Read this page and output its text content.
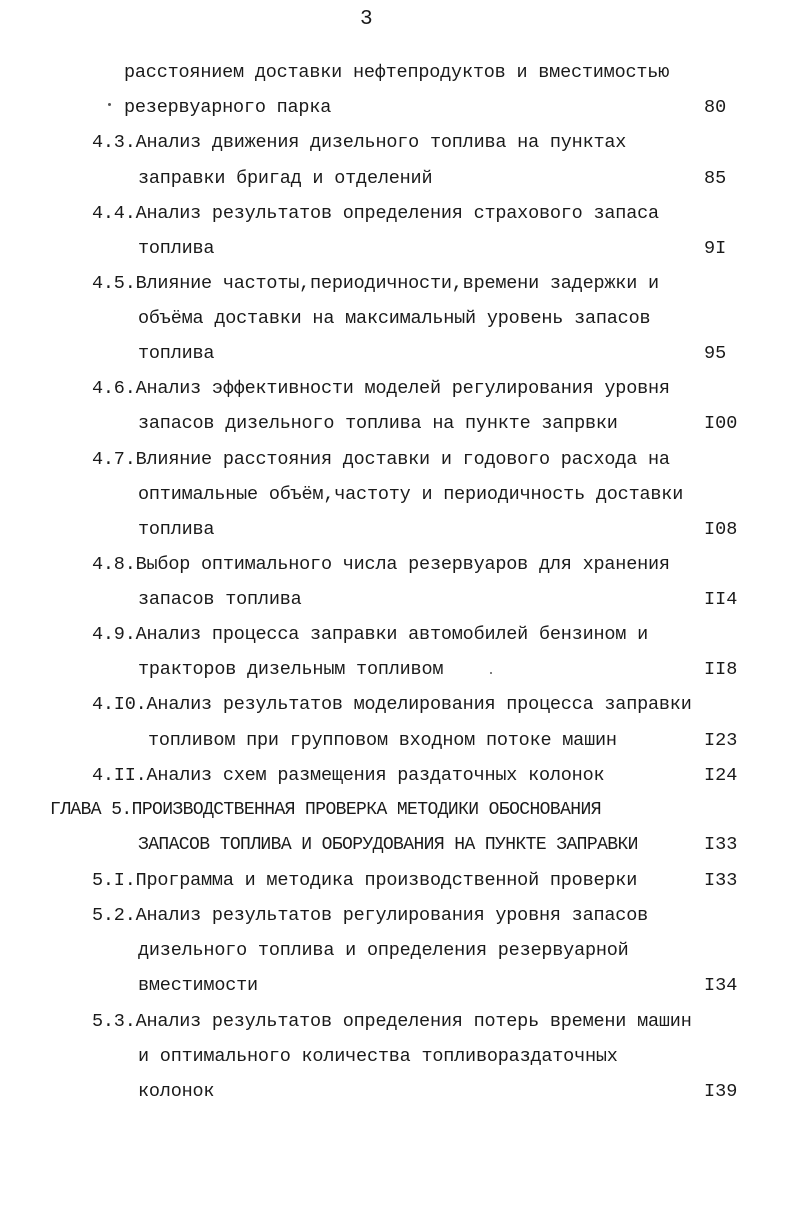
3
расстоянием доставки нефтепродуктов и вместимостью
резервуарного парка	80
4.3.Анализ движения дизельного топлива на пунктах
заправки бригад и отделений	85
4.4.Анализ результатов определения страхового запаса
топлива	9I
4.5.Влияние частоты,периодичности,времени задержки и
объёма доставки на максимальный уровень запасов
топлива	95
4.6.Анализ эффективности моделей регулирования уровня
запасов дизельного топлива на пункте запрвки	I00
4.7.Влияние расстояния доставки и годового расхода на
оптимальные объём,частоту и периодичность доставки
топлива	I08
4.8.Выбор оптимального числа резервуаров для хранения
запасов топлива	II4
4.9.Анализ процесса заправки автомобилей бензином и
тракторов дизельным топливом	II8
4.I0.Анализ результатов моделирования процесса заправки
топливом при групповом входном потоке машин	I23
4.II.Анализ схем размещения раздаточных колонок	I24
ГЛАВА 5.ПРОИЗВОДСТВЕННАЯ ПРОВЕРКА МЕТОДИКИ ОБОСНОВАНИЯ
ЗАПАСОВ ТОПЛИВА И ОБОРУДОВАНИЯ НА ПУНКТЕ ЗАПРАВКИ	I33
5.I.Программа и методика производственной проверки	I33
5.2.Анализ результатов регулирования уровня запасов
дизельного топлива и определения резервуарной
вместимости	I34
5.3.Анализ результатов определения потерь времени машин
и оптимального количества топливораздаточных
колонок	I39
